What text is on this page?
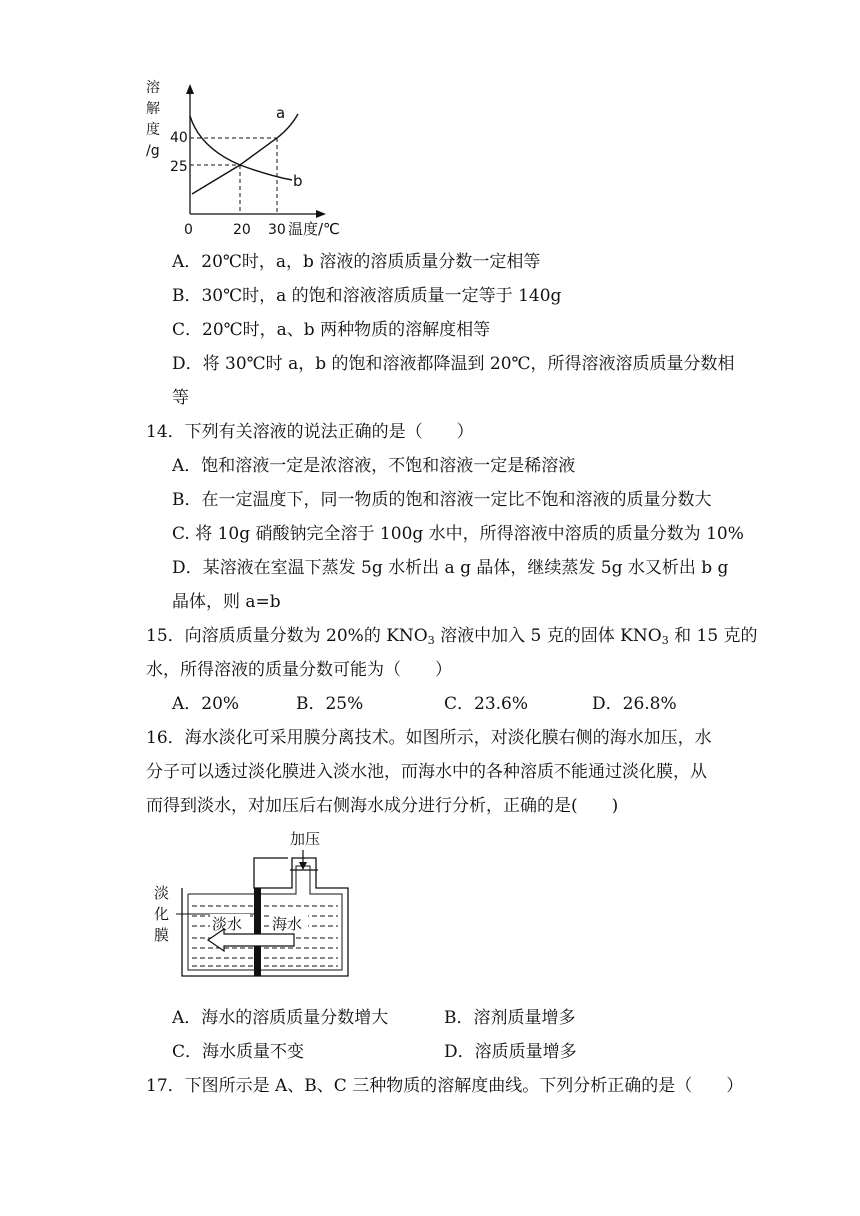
溶
解
度
/g
40
25
0	20 30 温度/℃
a
b
A．20℃时，a，b 溶液的溶质质量分数一定相等
B．30℃时，a 的饱和溶液溶质质量一定等于 140g
C．20℃时，a、b 两种物质的溶解度相等
D．将 30℃时 a，b 的饱和溶液都降温到 20℃，所得溶液溶质质量分数相
等
14．下列有关溶液的说法正确的是（　　）
A．饱和溶液一定是浓溶液，不饱和溶液一定是稀溶液
B．在一定温度下，同一物质的饱和溶液一定比不饱和溶液的质量分数大
C. 将 10g 硝酸钠完全溶于 100g 水中，所得溶液中溶质的质量分数为 10%
D．某溶液在室温下蒸发 5g 水析出 a g 晶体，继续蒸发 5g 水又析出 b g
晶体，则 a=b
15．向溶质质量分数为 20%的 $KNO_3$ 溶液中加入 5 克的固体 $KNO_3$ 和 15 克的
水，所得溶液的质量分数可能为（　　）
A．20%	B．25%	C．23.6%	D．26.8%
16．海水淡化可采用膜分离技术。如图所示，对淡化膜右侧的海水加压，水
分子可以透过淡化膜进入淡水池，而海水中的各种溶质不能通过淡化膜，从
而得到淡水，对加压后右侧海水成分进行分析，正确的是(　　)
加压
淡
化
膜
淡水 海水
A．海水的溶质质量分数增大	B．溶剂质量增多
C．海水质量不变	D．溶质质量增多
17．下图所示是 A、B、C 三种物质的溶解度曲线。下列分析正确的是（　　）
